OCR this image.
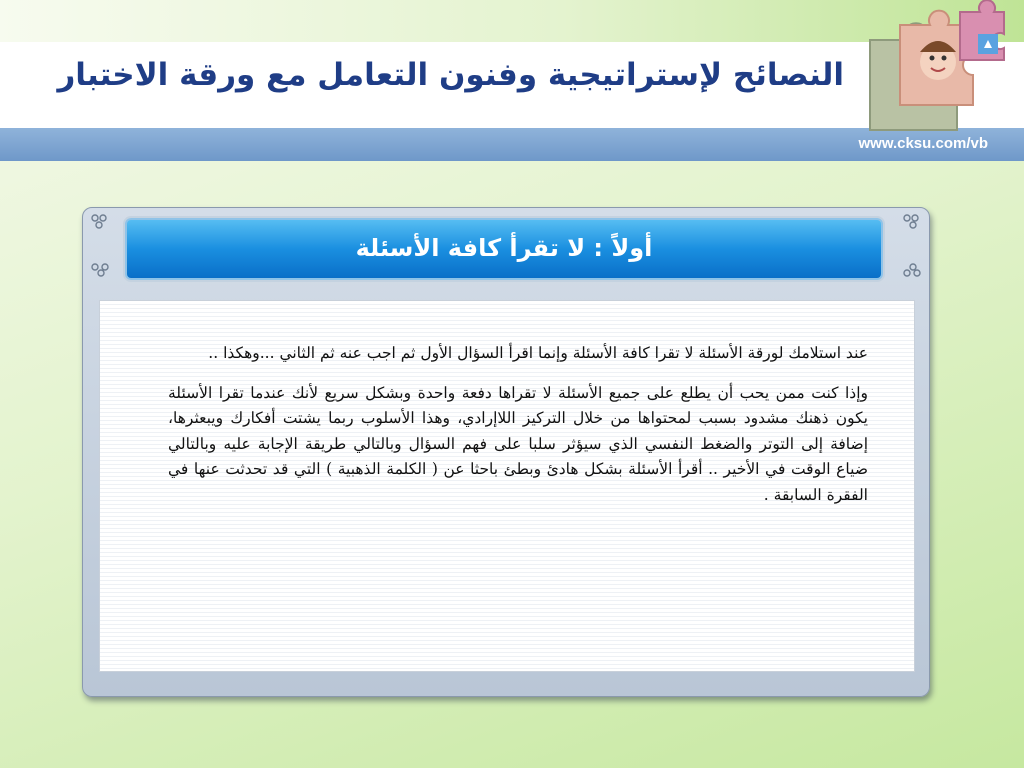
النصائح لإستراتيجية وفنون التعامل مع ورقة الاختبار
www.cksu.com/vb
أولاً : لا تقرأ كافة الأسئلة

عند استلامك لورقة الأسئلة لا تقرا كافة الأسئلة وإنما اقرأ السؤال الأول ثم اجب عنه ثم الثاني ...وهكذا ..

وإذا كنت ممن يحب أن يطلع على جميع الأسئلة لا تقراها دفعة واحدة وبشكل سريع لأنك عندما تقرا الأسئلة يكون ذهنك مشدود بسبب لمحتواها من خلال التركيز اللاإرادي، وهذا الأسلوب ربما يشتت أفكارك ويبعثرها، إضافة إلى التوتر والضغط النفسي الذي سيؤثر سلبا على فهم السؤال وبالتالي طريقة الإجابة عليه وبالتالي ضياع الوقت في الأخير .. أقرأ الأسئلة بشكل هادئ وبطئ باحثا عن ( الكلمة الذهبية ) التي قد تحدثت عنها في الفقرة السابقة .
